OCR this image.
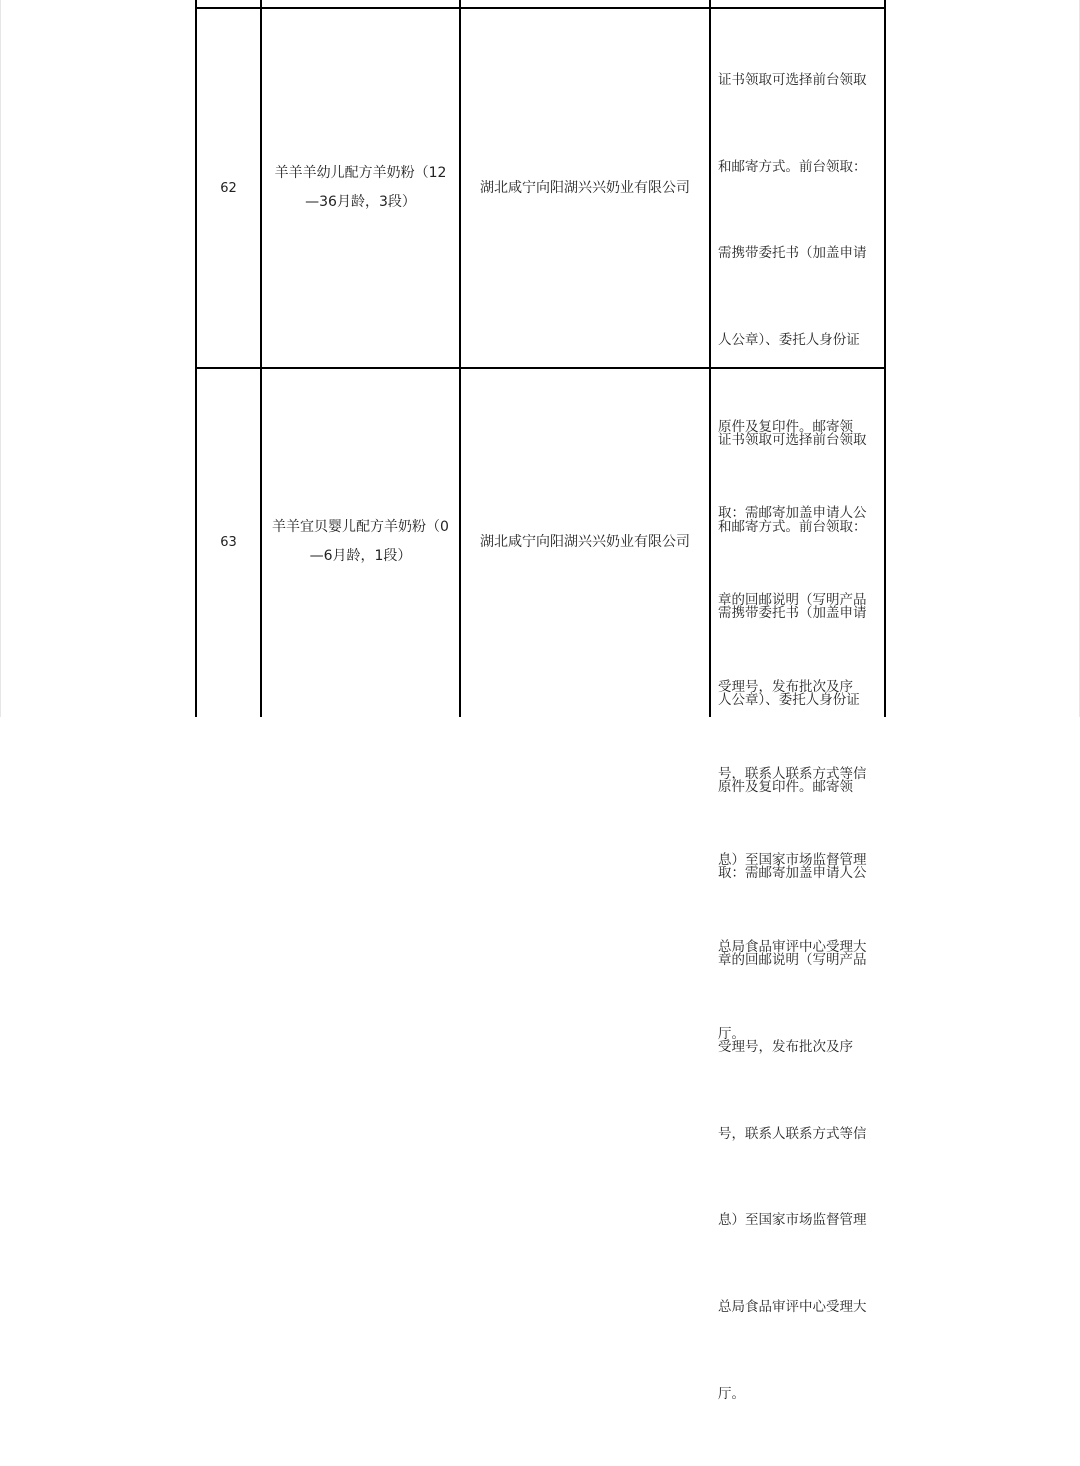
62
羊羊羊幼儿配方羊奶粉（12—36月龄，3段）
湖北咸宁向阳湖兴兴奶业有限公司

证书领取可选择前台领取

和邮寄方式。前台领取：

需携带委托书（加盖申请

人公章）、委托人身份证

原件及复印件。邮寄领

取：需邮寄加盖申请人公

章的回邮说明（写明产品

受理号，发布批次及序

号，联系人联系方式等信

息）至国家市场监督管理

总局食品审评中心受理大

厅。

63
羊羊宜贝婴儿配方羊奶粉（0—6月龄，1段）
湖北咸宁向阳湖兴兴奶业有限公司

证书领取可选择前台领取

和邮寄方式。前台领取：

需携带委托书（加盖申请

人公章）、委托人身份证

原件及复印件。邮寄领

取：需邮寄加盖申请人公

章的回邮说明（写明产品

受理号，发布批次及序

号，联系人联系方式等信

息）至国家市场监督管理

总局食品审评中心受理大

厅。
